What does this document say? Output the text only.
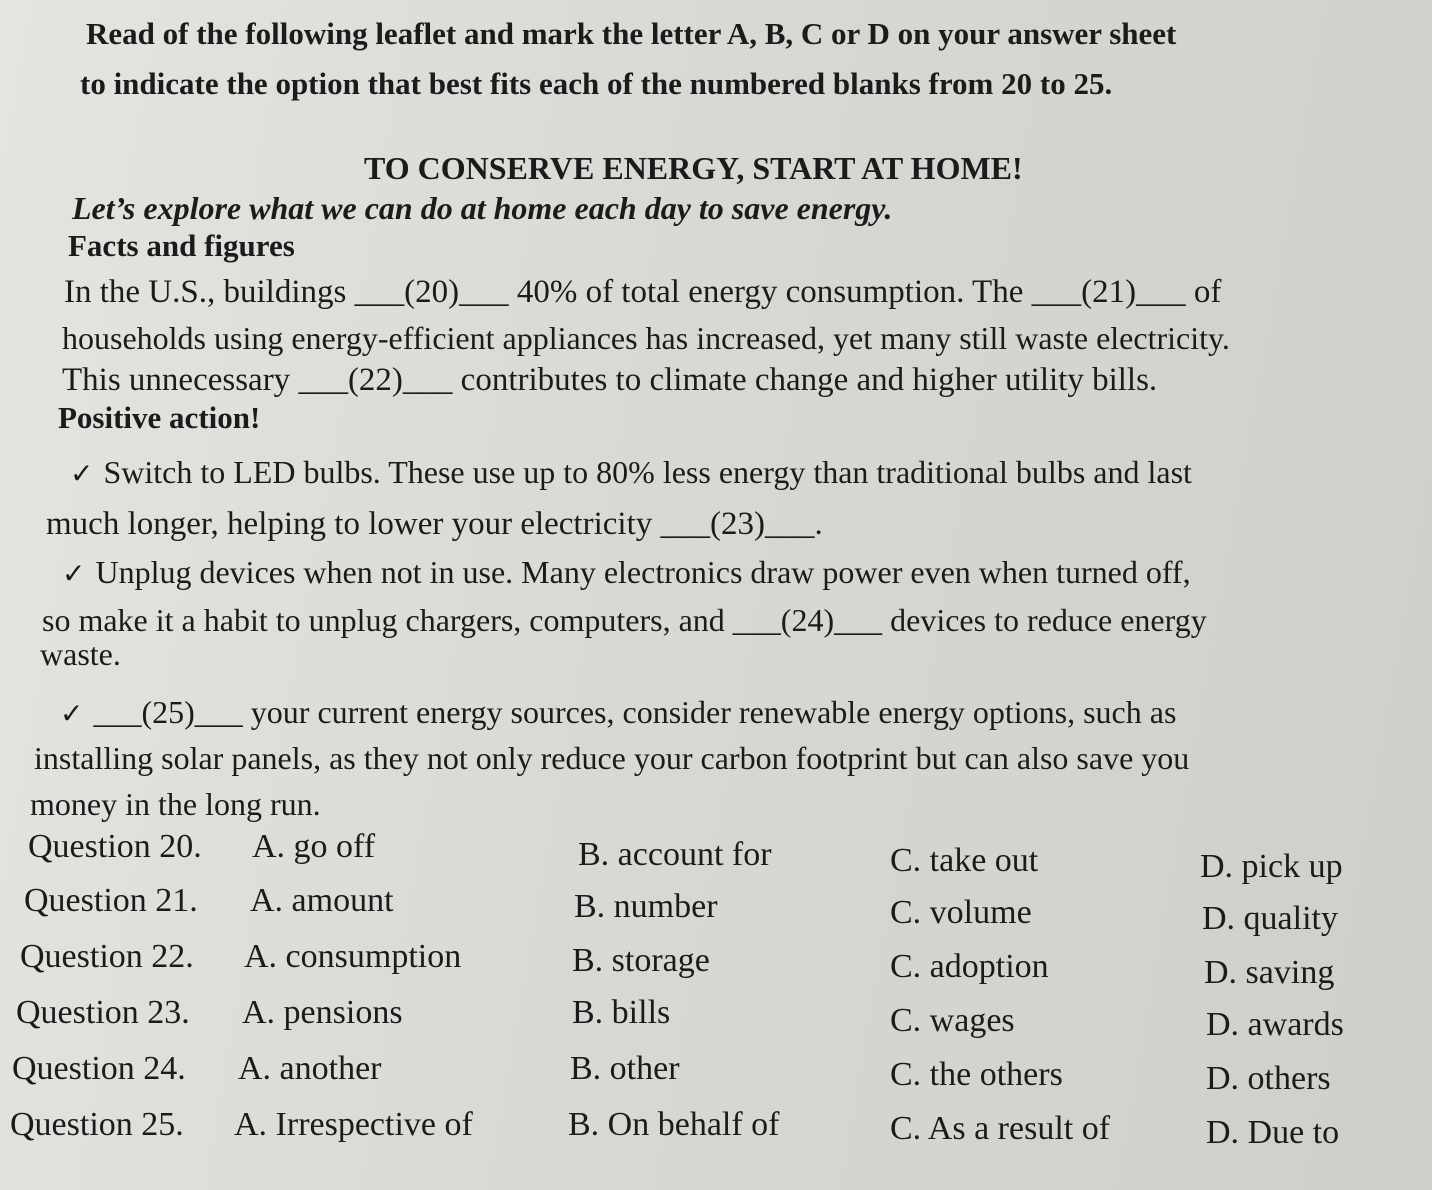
Read of the following leaflet and mark the letter A, B, C or D on your answer sheet
to indicate the option that best fits each of the numbered blanks from 20 to 25.
TO CONSERVE ENERGY, START AT HOME!
Let’s explore what we can do at home each day to save energy.
Facts and figures
In the U.S., buildings ___(20)___ 40% of total energy consumption. The ___(21)___ of
households using energy-efficient appliances has increased, yet many still waste electricity.
This unnecessary ___(22)___ contributes to climate change and higher utility bills.
Positive action!
✓ Switch to LED bulbs. These use up to 80% less energy than traditional bulbs and last
much longer, helping to lower your electricity ___(23)___.
✓ Unplug devices when not in use. Many electronics draw power even when turned off,
so make it a habit to unplug chargers, computers, and ___(24)___ devices to reduce energy
waste.
✓ ___(25)___ your current energy sources, consider renewable energy options, such as
installing solar panels, as they not only reduce your carbon footprint but can also save you
money in the long run.
Question 20. A. go off	B. account for	C. take out	D. pick up
Question 21. A. amount	B. number	C. volume	D. quality
Question 22. A. consumption	B. storage	C. adoption	D. saving
Question 23. A. pensions	B. bills	C. wages	D. awards
Question 24. A. another	B. other	C. the others	D. others
Question 25. A. Irrespective of	B. On behalf of	C. As a result of	D. Due to
